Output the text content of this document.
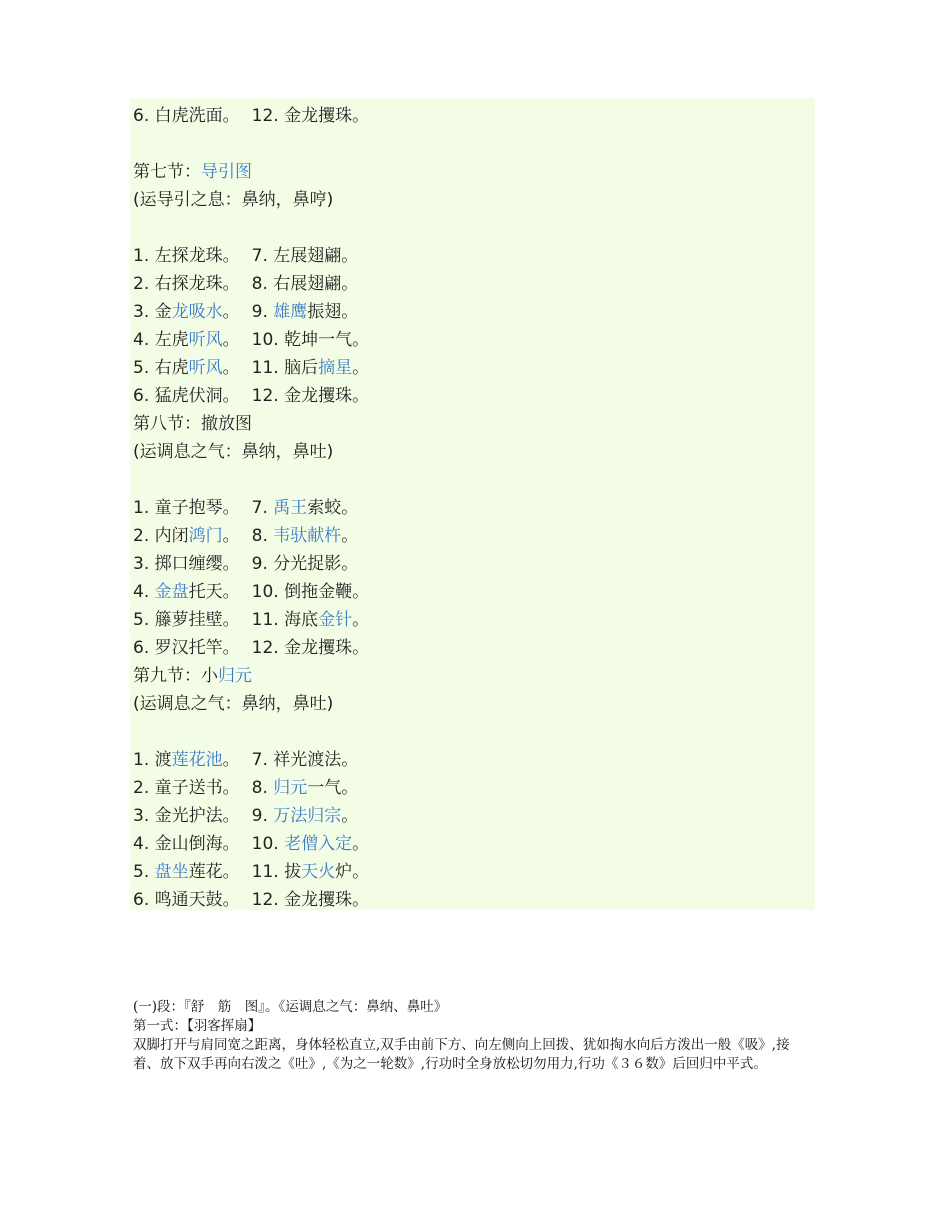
6. 白虎洗面。 12. 金龙攫珠。
第七节：导引图
(运导引之息：鼻纳，鼻哼)
1. 左探龙珠。 7. 左展翅翩。
2. 右探龙珠。 8. 右展翅翩。
3. 金龙吸水。 9. 雄鹰振翅。
4. 左虎听风。 10. 乾坤一气。
5. 右虎听风。 11. 脑后摘星。
6. 猛虎伏洞。 12. 金龙攫珠。
第八节：撤放图
(运调息之气：鼻纳，鼻吐)
1. 童子抱琴。 7. 禹王索蛟。
2. 内闭鸿门。 8. 韦驮献杵。
3. 掷口缠缨。 9. 分光捉影。
4. 金盘托天。 10. 倒拖金鞭。
5. 籐萝挂壁。 11. 海底金针。
6. 罗汉托竿。 12. 金龙攫珠。
第九节：小归元
(运调息之气：鼻纳，鼻吐)
1. 渡莲花池。 7. 祥光渡法。
2. 童子送书。 8. 归元一气。
3. 金光护法。 9. 万法归宗。
4. 金山倒海。 10. 老僧入定。
5. 盘坐莲花。 11. 拔天火炉。
6. 鸣通天鼓。 12. 金龙攫珠。
(一)段：『舒　筋　图』。《运调息之气：鼻纳、鼻吐》
第一式：【羽客挥扇】
双脚打开与肩同宽之距离，身体轻松直立,双手由前下方、向左侧向上回拨、犹如掏水向后方泼出一般《吸》,接着、放下双手再向右泼之《吐》,《为之一轮数》,行功时全身放松切勿用力,行功《３６数》后回归中平式。
